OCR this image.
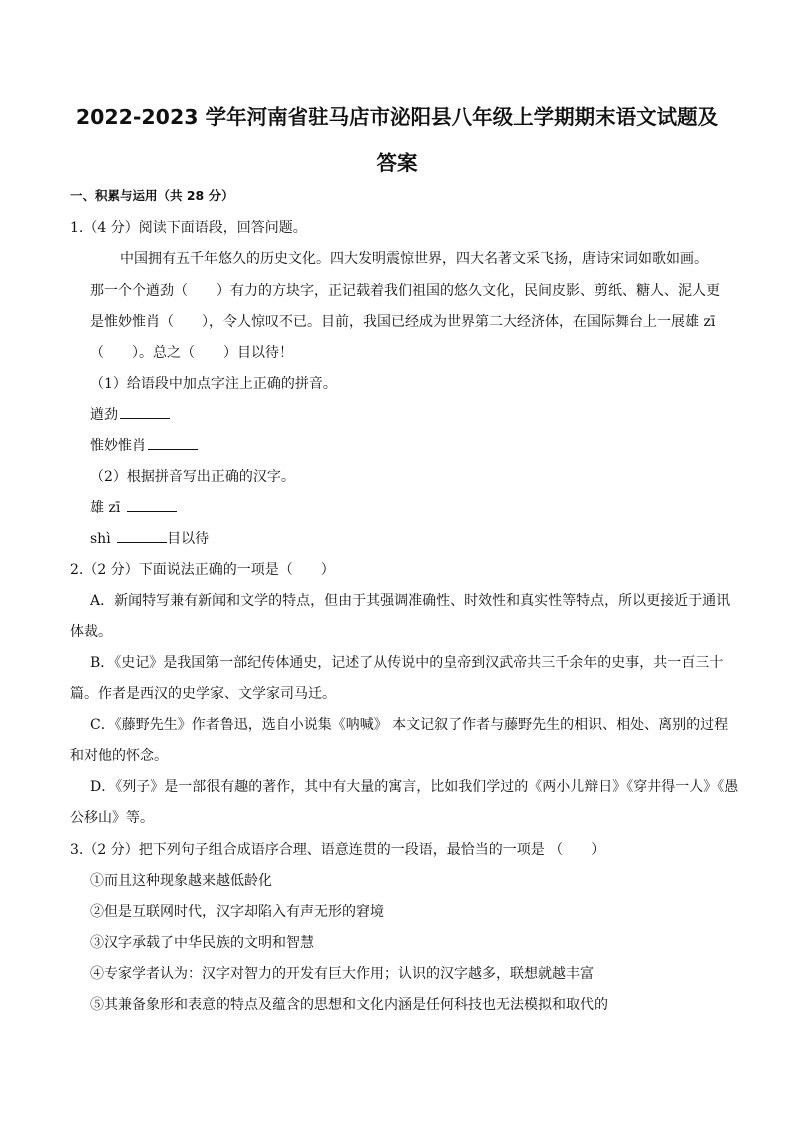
2022-2023 学年河南省驻马店市泌阳县八年级上学期期末语文试题及
答案
一、积累与运用（共 28 分）
1.（4 分）阅读下面语段，回答问题。
中国拥有五千年悠久的历史文化。四大发明震惊世界，四大名著文采飞扬，唐诗宋词如歌如画。
那一个个遒劲（　　）有力的方块字，正记载着我们祖国的悠久文化，民间皮影、剪纸、糖人、泥人更
是惟妙惟肖（　　），令人惊叹不已。目前，我国已经成为世界第二大经济体，在国际舞台上一展雄 zī
（　　）。总之（　　）目以待！
（1）给语段中加点字注上正确的拼音。
遒劲
惟妙惟肖
（2）根据拼音写出正确的汉字。
雄 zī
shì	目以待
2.（2 分）下面说法正确的一项是（　　）
A．新闻特写兼有新闻和文学的特点，但由于其强调准确性、时效性和真实性等特点，所以更接近于通讯
体裁。
B．《史记》是我国第一部纪传体通史，记述了从传说中的皇帝到汉武帝共三千余年的史事，共一百三十
篇。作者是西汉的史学家、文学家司马迁。
C．《藤野先生》作者鲁迅，选自小说集《呐喊》 本文记叙了作者与藤野先生的相识、相处、离别的过程
和对他的怀念。
D．《列子》是一部很有趣的著作，其中有大量的寓言，比如我们学过的《两小儿辩日》《穿井得一人》《愚
公移山》等。
3.（2 分）把下列句子组合成语序合理、语意连贯的一段语，最恰当的一项是 （　　）
①而且这种现象越来越低龄化
②但是互联网时代，汉字却陷入有声无形的窘境
③汉字承载了中华民族的文明和智慧
④专家学者认为：汉字对智力的开发有巨大作用；认识的汉字越多，联想就越丰富
⑤其兼备象形和表意的特点及蕴含的思想和文化内涵是任何科技也无法模拟和取代的
